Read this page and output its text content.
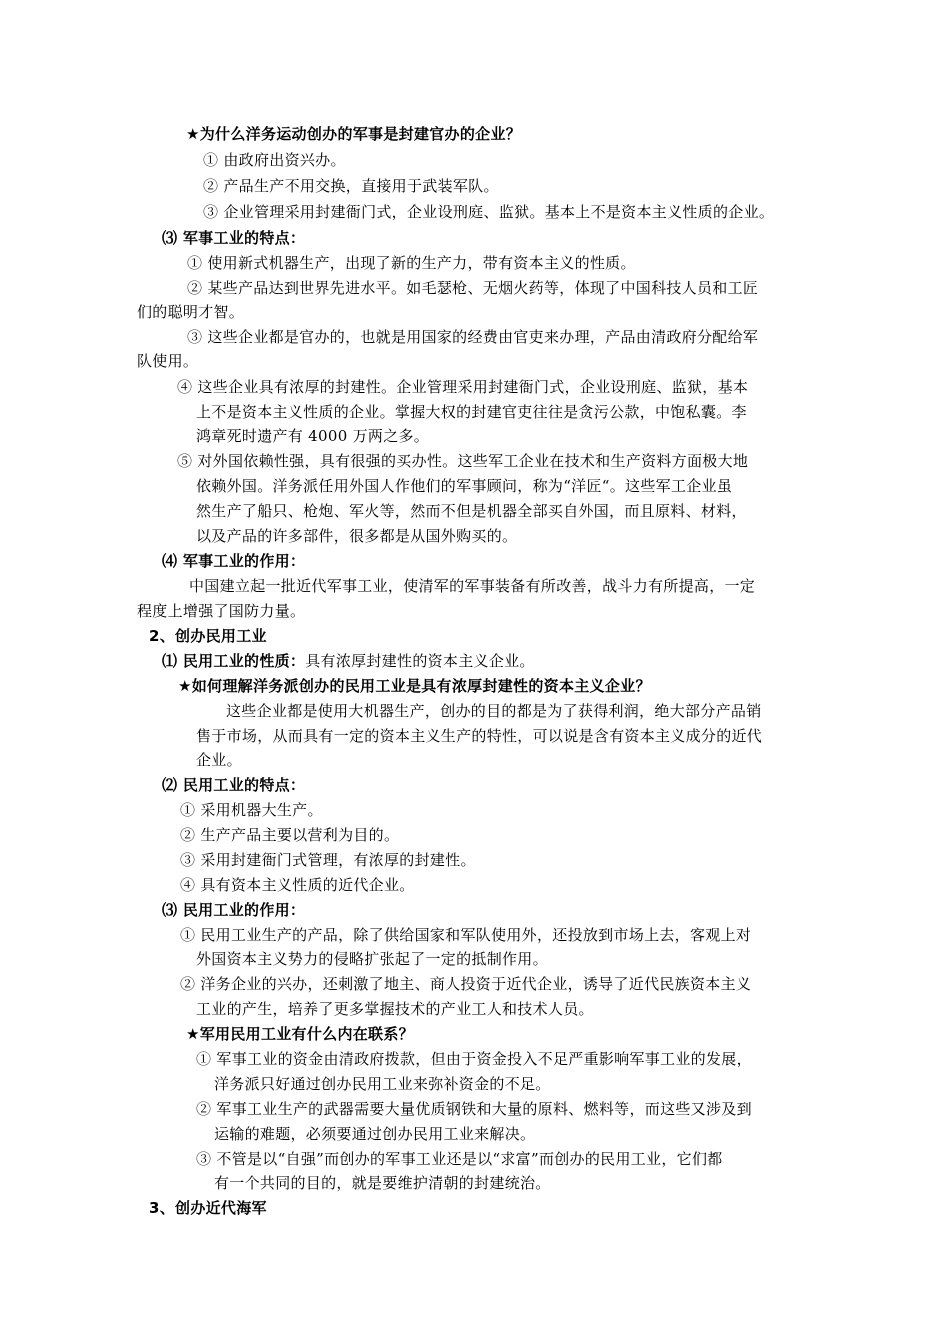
★为什么洋务运动创办的军事是封建官办的企业？
① 由政府出资兴办。
② 产品生产不用交换，直接用于武装军队。
③ 企业管理采用封建衙门式，企业设刑庭、监狱。基本上不是资本主义性质的企业。
⑶ 军事工业的特点：
① 使用新式机器生产，出现了新的生产力，带有资本主义的性质。
② 某些产品达到世界先进水平。如毛瑟枪、无烟火药等，体现了中国科技人员和工匠
们的聪明才智。
③ 这些企业都是官办的，也就是用国家的经费由官吏来办理，产品由清政府分配给军
队使用。
④ 这些企业具有浓厚的封建性。企业管理采用封建衙门式，企业设刑庭、监狱，基本
上不是资本主义性质的企业。掌握大权的封建官吏往往是贪污公款，中饱私囊。李
鸿章死时遗产有 4000 万两之多。
⑤ 对外国依赖性强，具有很强的买办性。这些军工企业在技术和生产资料方面极大地
依赖外国。洋务派任用外国人作他们的军事顾问，称为“洋匠“。这些军工企业虽
然生产了船只、枪炮、军火等，然而不但是机器全部买自外国，而且原料、材料，
以及产品的许多部件，很多都是从国外购买的。
⑷ 军事工业的作用：
中国建立起一批近代军事工业，使清军的军事装备有所改善，战斗力有所提高，一定
程度上增强了国防力量。
2、创办民用工业
⑴ 民用工业的性质：具有浓厚封建性的资本主义企业。
★如何理解洋务派创办的民用工业是具有浓厚封建性的资本主义企业？
这些企业都是使用大机器生产，创办的目的都是为了获得利润，绝大部分产品销
售于市场，从而具有一定的资本主义生产的特性，可以说是含有资本主义成分的近代
企业。
⑵ 民用工业的特点：
① 采用机器大生产。
② 生产产品主要以营利为目的。
③ 采用封建衙门式管理，有浓厚的封建性。
④ 具有资本主义性质的近代企业。
⑶ 民用工业的作用：
① 民用工业生产的产品，除了供给国家和军队使用外，还投放到市场上去，客观上对
外国资本主义势力的侵略扩张起了一定的抵制作用。
② 洋务企业的兴办，还刺激了地主、商人投资于近代企业，诱导了近代民族资本主义
工业的产生，培养了更多掌握技术的产业工人和技术人员。
★军用民用工业有什么内在联系？
① 军事工业的资金由清政府拨款，但由于资金投入不足严重影响军事工业的发展，
洋务派只好通过创办民用工业来弥补资金的不足。
② 军事工业生产的武器需要大量优质钢铁和大量的原料、燃料等，而这些又涉及到
运输的难题，必须要通过创办民用工业来解决。
③ 不管是以“自强”而创办的军事工业还是以“求富”而创办的民用工业，它们都
有一个共同的目的，就是要维护清朝的封建统治。
3、创办近代海军
